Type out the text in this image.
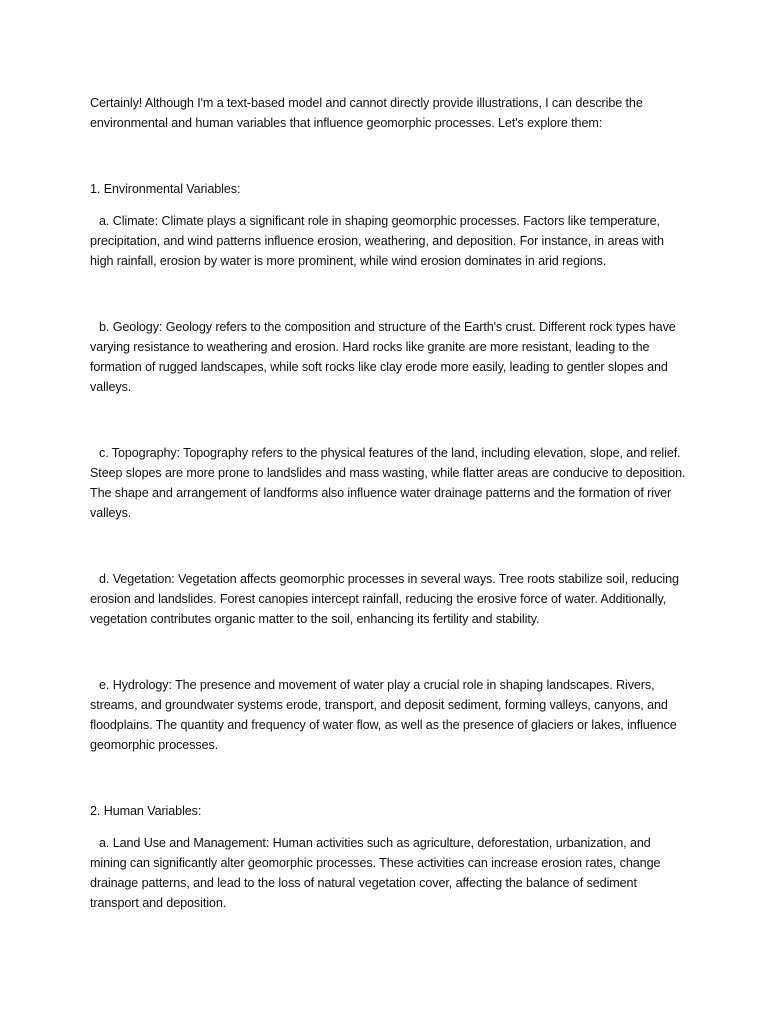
Certainly! Although I'm a text-based model and cannot directly provide illustrations, I can describe the environmental and human variables that influence geomorphic processes. Let's explore them:

1. Environmental Variables:

a. Climate: Climate plays a significant role in shaping geomorphic processes. Factors like temperature, precipitation, and wind patterns influence erosion, weathering, and deposition. For instance, in areas with high rainfall, erosion by water is more prominent, while wind erosion dominates in arid regions.

b. Geology: Geology refers to the composition and structure of the Earth's crust. Different rock types have varying resistance to weathering and erosion. Hard rocks like granite are more resistant, leading to the formation of rugged landscapes, while soft rocks like clay erode more easily, leading to gentler slopes and valleys.

c. Topography: Topography refers to the physical features of the land, including elevation, slope, and relief. Steep slopes are more prone to landslides and mass wasting, while flatter areas are conducive to deposition. The shape and arrangement of landforms also influence water drainage patterns and the formation of river valleys.

d. Vegetation: Vegetation affects geomorphic processes in several ways. Tree roots stabilize soil, reducing erosion and landslides. Forest canopies intercept rainfall, reducing the erosive force of water. Additionally, vegetation contributes organic matter to the soil, enhancing its fertility and stability.

e. Hydrology: The presence and movement of water play a crucial role in shaping landscapes. Rivers, streams, and groundwater systems erode, transport, and deposit sediment, forming valleys, canyons, and floodplains. The quantity and frequency of water flow, as well as the presence of glaciers or lakes, influence geomorphic processes.

2. Human Variables:

a. Land Use and Management: Human activities such as agriculture, deforestation, urbanization, and mining can significantly alter geomorphic processes. These activities can increase erosion rates, change drainage patterns, and lead to the loss of natural vegetation cover, affecting the balance of sediment transport and deposition.
